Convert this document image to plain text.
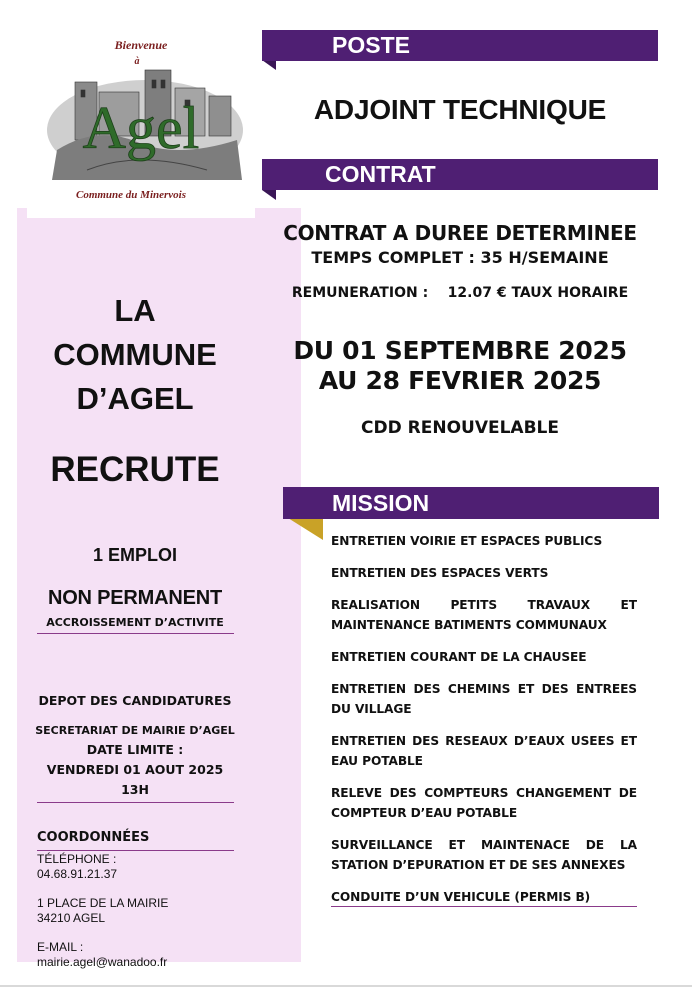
Bienvenue
à
Agel
Commune du Minervois
LA
COMMUNE
D’AGEL
RECRUTE
1 EMPLOI
NON PERMANENT
ACCROISSEMENT D’ACTIVITE
DEPOT DES CANDIDATURES
SECRETARIAT DE MAIRIE D’AGEL
DATE LIMITE :
VENDREDI 01 AOUT 2025
13H
COORDONNÉES
TÉLÉPHONE :
04.68.91.21.37
1 PLACE DE LA MAIRIE
34210 AGEL
E-MAIL :
mairie.agel@wanadoo.fr
POSTE
ADJOINT TECHNIQUE
CONTRAT
CONTRAT A DUREE DETERMINEE
TEMPS COMPLET : 35 H/SEMAINE
REMUNERATION : 12.07 € TAUX HORAIRE
DU 01 SEPTEMBRE 2025
AU 28 FEVRIER 2025
CDD RENOUVELABLE
MISSION
ENTRETIEN VOIRIE ET ESPACES PUBLICS
ENTRETIEN DES ESPACES VERTS
REALISATION PETITS TRAVAUX ET MAINTENANCE BATIMENTS COMMUNAUX
ENTRETIEN COURANT DE LA CHAUSEE
ENTRETIEN DES CHEMINS ET DES ENTREES DU VILLAGE
ENTRETIEN DES RESEAUX D’EAUX USEES ET EAU POTABLE
RELEVE DES COMPTEURS CHANGEMENT DE COMPTEUR D’EAU POTABLE
SURVEILLANCE ET MAINTENACE DE LA STATION D’EPURATION ET DE SES ANNEXES
CONDUITE D’UN VEHICULE (PERMIS B)
